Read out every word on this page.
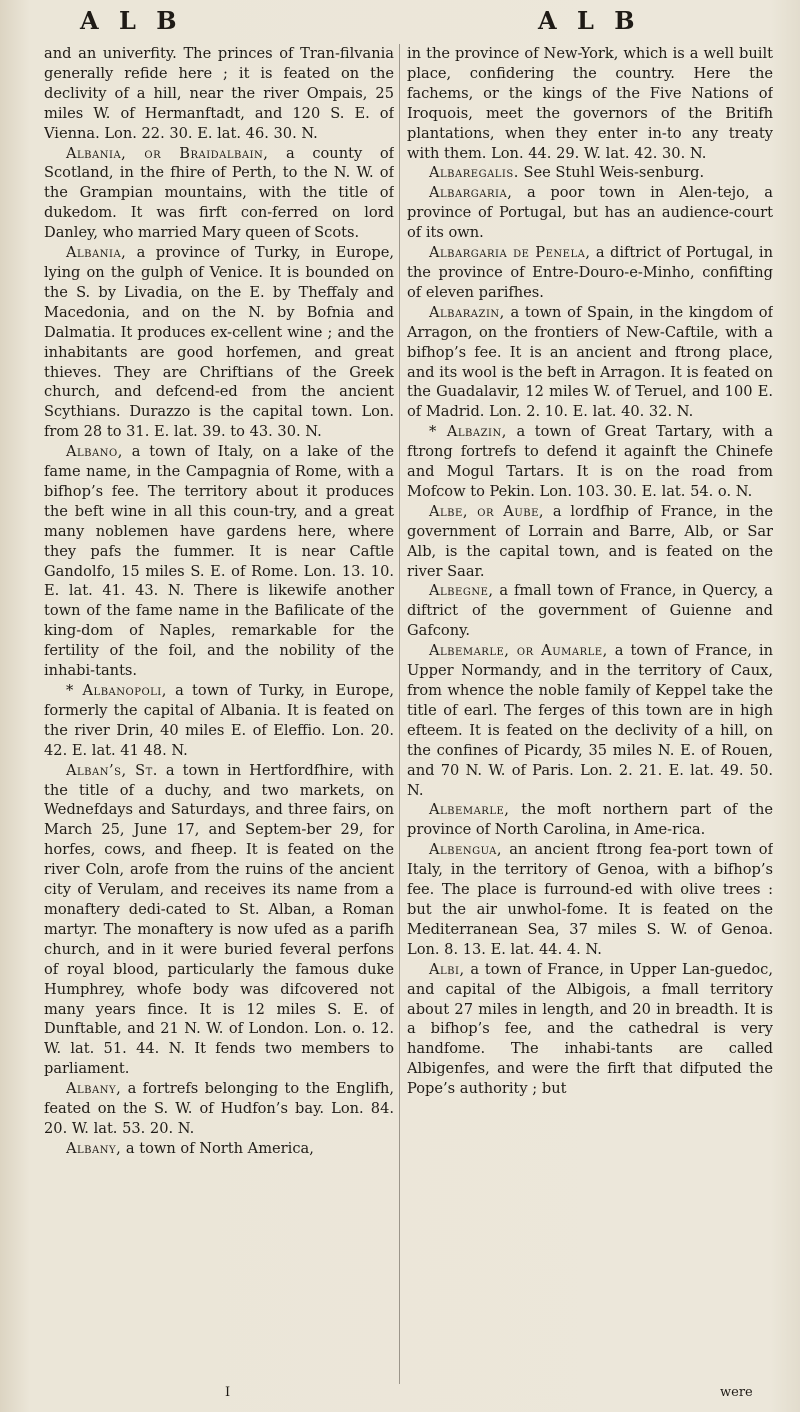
A L B	A L B

and an univerfity. The princes of Tran-filvania generally refide here ; it is feated on the declivity of a hill, near the river Ompais, 25 miles W. of Hermanftadt, and 120 S. E. of Vienna. Lon. 22. 30. E. lat. 46. 30. N.

Albania, or Braidalbain, a county of Scotland, in the fhire of Perth, to the N. W. of the Grampian mountains, with the title of dukedom. It was firft con-ferred on lord Danley, who married Mary queen of Scots.

Albania, a province of Turky, in Europe, lying on the gulph of Venice. It is bounded on the S. by Livadia, on the E. by Theffaly and Macedonia, and on the N. by Bofnia and Dalmatia. It produces ex-cellent wine ; and the inhabitants are good horfemen, and great thieves. They are Chriftians of the Greek church, and defcend-ed from the ancient Scythians. Durazzo is the capital town. Lon. from 28 to 31. E. lat. 39. to 43. 30. N.

Albano, a town of Italy, on a lake of the fame name, in the Campagnia of Rome, with a bifhop’s fee. The territory about it produces the beft wine in all this coun-try, and a great many noblemen have gardens here, where they pafs the fummer. It is near Caftle Gandolfo, 15 miles S. E. of Rome. Lon. 13. 10. E. lat. 41. 43. N. There is likewife another town of the fame name in the Bafilicate of the king-dom of Naples, remarkable for the fertility of the foil, and the nobility of the inhabi-tants.

* Albanopoli, a town of Turky, in Europe, formerly the capital of Albania. It is feated on the river Drin, 40 miles E. of Eleffio. Lon. 20. 42. E. lat. 41 48. N.

Alban’s, St. a town in Hertfordfhire, with the title of a duchy, and two markets, on Wednefdays and Saturdays, and three fairs, on March 25, June 17, and Septem-ber 29, for horfes, cows, and fheep. It is feated on the river Coln, arofe from the ruins of the ancient city of Verulam, and receives its name from a monaftery dedi-cated to St. Alban, a Roman martyr. The monaftery is now ufed as a parifh church, and in it were buried feveral perfons of royal blood, particularly the famous duke Humphrey, whofe body was difcovered not many years fince. It is 12 miles S. E. of Dunftable, and 21 N. W. of London. Lon. o. 12. W. lat. 51. 44. N. It fends two members to parliament.

Albany, a fortrefs belonging to the Englifh, feated on the S. W. of Hudfon’s bay. Lon. 84. 20. W. lat. 53. 20. N.

Albany, a town of North America,

in the province of New-York, which is a well built place, confidering the country. Here the fachems, or the kings of the Five Nations of Iroquois, meet the governors of the Britifh plantations, when they enter in-to any treaty with them. Lon. 44. 29. W. lat. 42. 30. N.

Albaregalis. See Stuhl Weis-senburg.

Albargaria, a poor town in Alen-tejo, a province of Portugal, but has an audience-court of its own.

Albargaria de Penela, a diftrict of Portugal, in the province of Entre-Douro-e-Minho, confifting of eleven parifhes.

Albarazin, a town of Spain, in the kingdom of Arragon, on the frontiers of New-Caftile, with a bifhop’s fee. It is an ancient and ftrong place, and its wool is the beft in Arragon. It is feated on the Guadalavir, 12 miles W. of Teruel, and 100 E. of Madrid. Lon. 2. 10. E. lat. 40. 32. N.

* Albazin, a town of Great Tartary, with a ftrong fortrefs to defend it againft the Chinefe and Mogul Tartars. It is on the road from Mofcow to Pekin. Lon. 103. 30. E. lat. 54. o. N.

Albe, or Aube, a lordfhip of France, in the government of Lorrain and Barre, Alb, or Sar Alb, is the capital town, and is feated on the river Saar.

Albegne, a fmall town of France, in Quercy, a diftrict of the government of Guienne and Gafcony.

Albemarle, or Aumarle, a town of France, in Upper Normandy, and in the territory of Caux, from whence the noble family of Keppel take the title of earl. The ferges of this town are in high efteem. It is feated on the declivity of a hill, on the confines of Picardy, 35 miles N. E. of Rouen, and 70 N. W. of Paris. Lon. 2. 21. E. lat. 49. 50. N.

Albemarle, the moft northern part of the province of North Carolina, in Ame-rica.

Albengua, an ancient ftrong fea-port town of Italy, in the territory of Genoa, with a bifhop’s fee. The place is furround-ed with olive trees : but the air unwhol-fome. It is feated on the Mediterranean Sea, 37 miles S. W. of Genoa. Lon. 8. 13. E. lat. 44. 4. N.

Albi, a town of France, in Upper Lan-guedoc, and capital of the Albigois, a fmall territory about 27 miles in length, and 20 in breadth. It is a bifhop’s fee, and the cathedral is very handfome. The inhabi-tants are called Albigenfes, and were the firft that difputed the Pope’s authority ; but

I	were
